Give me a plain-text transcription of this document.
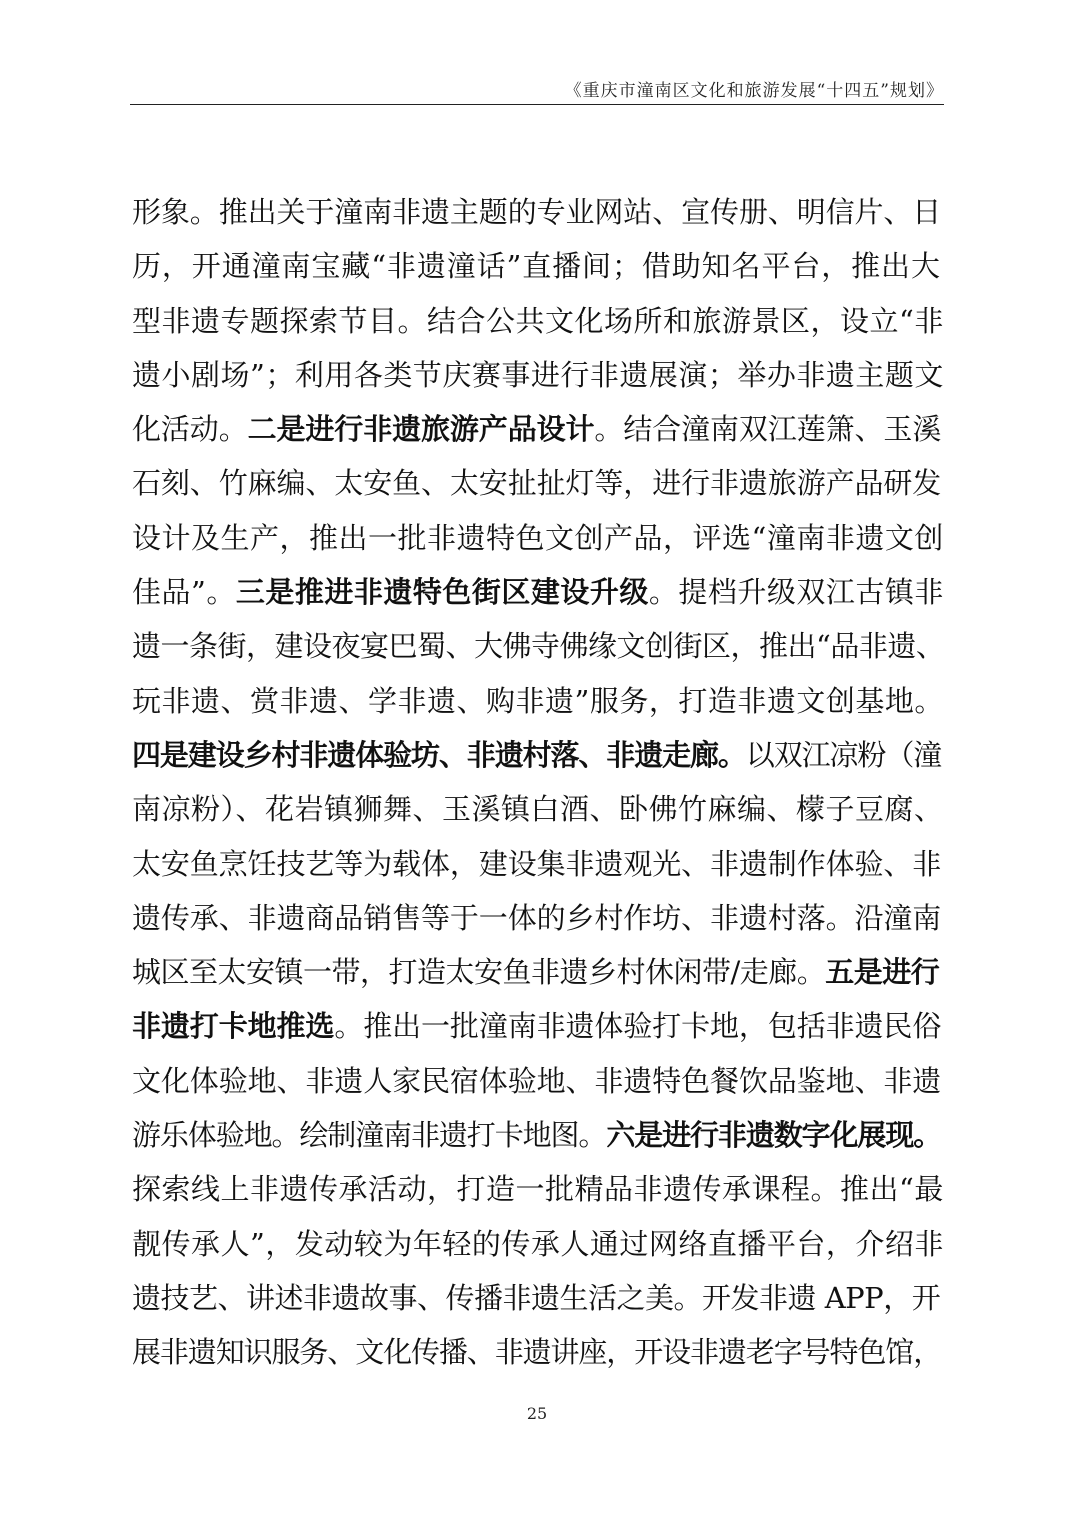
《重庆市潼南区文化和旅游发展“十四五”规划》
形象。推出关于潼南非遗主题的专业网站、宣传册、明信片、日
历，开通潼南宝藏“非遗潼话”直播间；借助知名平台，推出大
型非遗专题探索节目。结合公共文化场所和旅游景区，设立“非
遗小剧场”；利用各类节庆赛事进行非遗展演；举办非遗主题文
化活动。二是进行非遗旅游产品设计。结合潼南双江莲箫、玉溪
石刻、竹麻编、太安鱼、太安扯扯灯等，进行非遗旅游产品研发
设计及生产，推出一批非遗特色文创产品，评选“潼南非遗文创
佳品”。三是推进非遗特色街区建设升级。提档升级双江古镇非
遗一条街，建设夜宴巴蜀、大佛寺佛缘文创街区，推出“品非遗、
玩非遗、赏非遗、学非遗、购非遗”服务，打造非遗文创基地。
四是建设乡村非遗体验坊、非遗村落、非遗走廊。以双江凉粉（潼
南凉粉）、花岩镇狮舞、玉溪镇白酒、卧佛竹麻编、檬子豆腐、
太安鱼烹饪技艺等为载体，建设集非遗观光、非遗制作体验、非
遗传承、非遗商品销售等于一体的乡村作坊、非遗村落。沿潼南
城区至太安镇一带，打造太安鱼非遗乡村休闲带/走廊。五是进行
非遗打卡地推选。推出一批潼南非遗体验打卡地，包括非遗民俗
文化体验地、非遗人家民宿体验地、非遗特色餐饮品鉴地、非遗
游乐体验地。绘制潼南非遗打卡地图。六是进行非遗数字化展现。
探索线上非遗传承活动，打造一批精品非遗传承课程。推出“最
靓传承人”，发动较为年轻的传承人通过网络直播平台，介绍非
遗技艺、讲述非遗故事、传播非遗生活之美。开发非遗 APP，开
展非遗知识服务、文化传播、非遗讲座，开设非遗老字号特色馆，
25
